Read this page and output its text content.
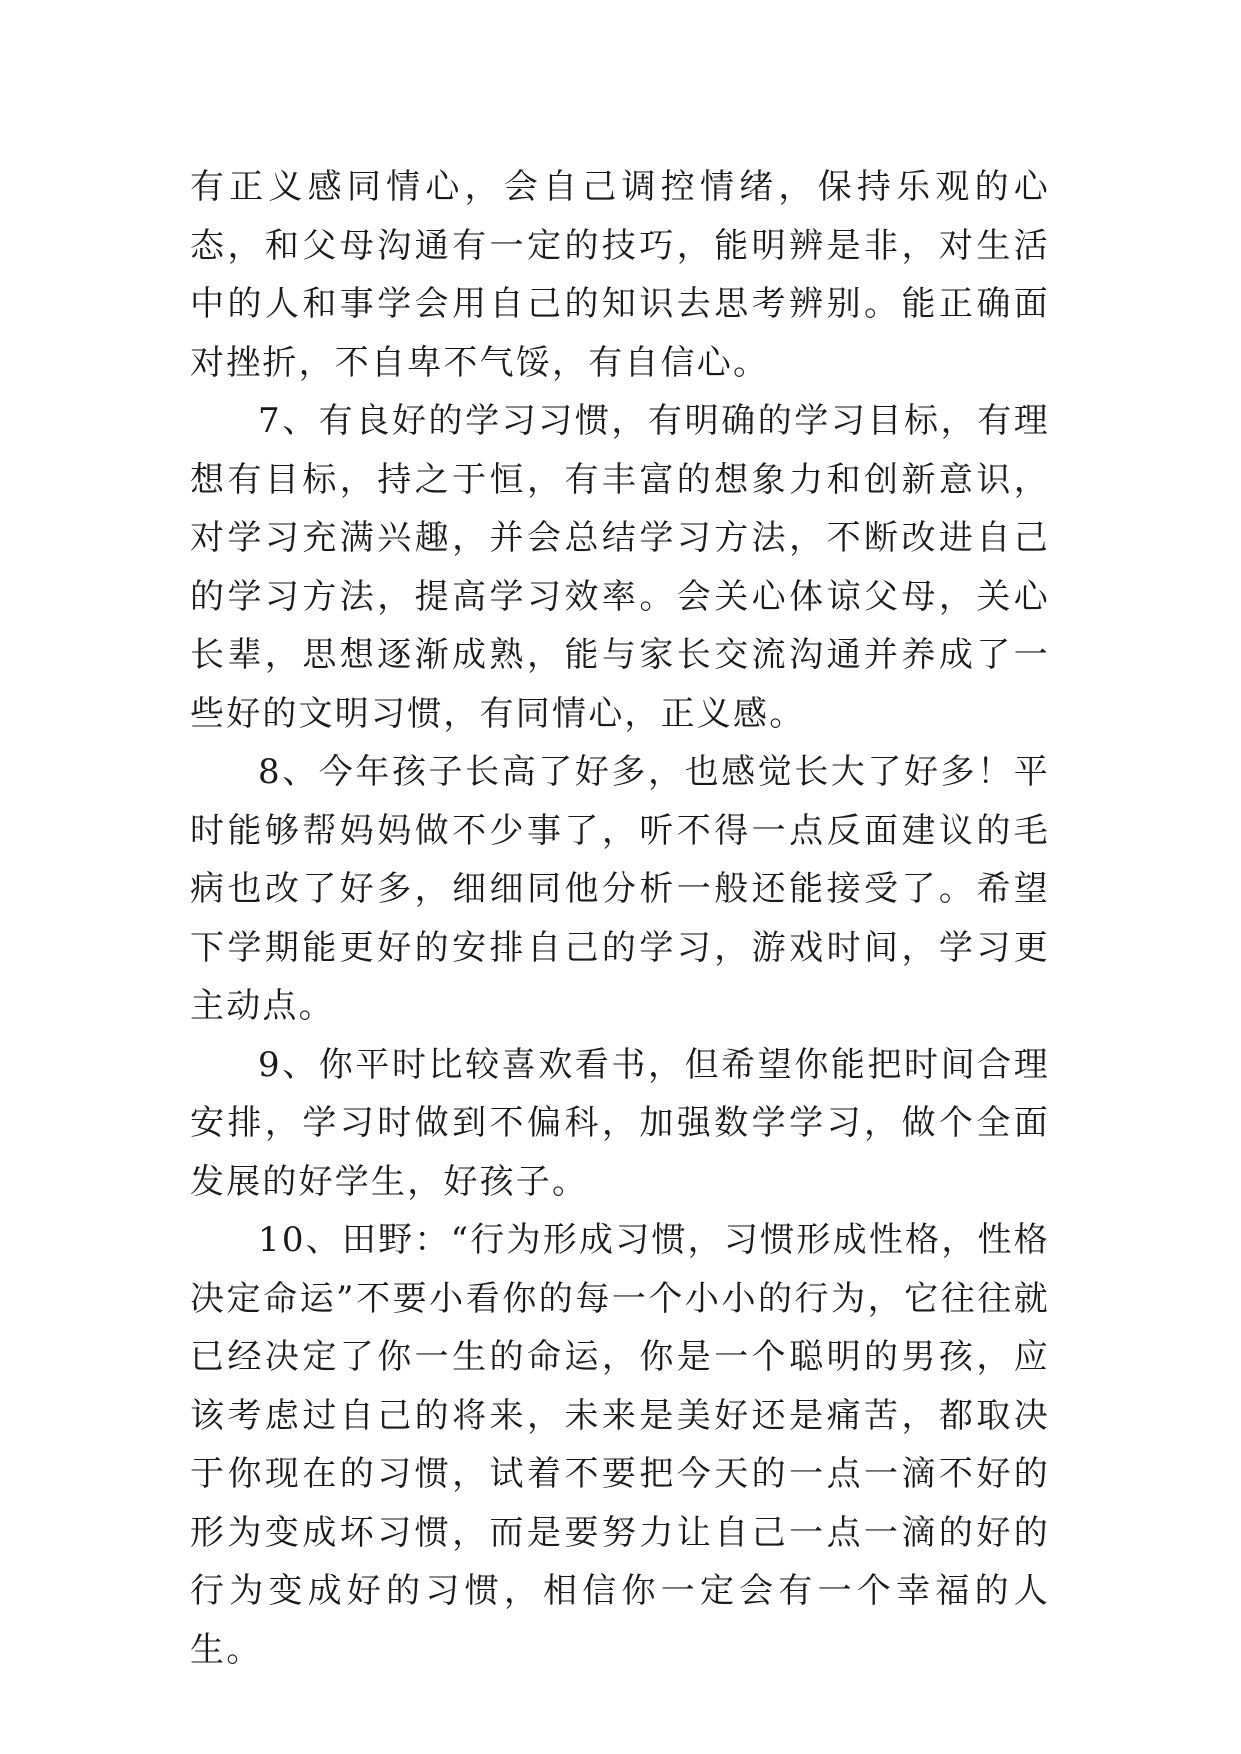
有正义感同情心，会自己调控情绪，保持乐观的心态，和父母沟通有一定的技巧，能明辨是非，对生活中的人和事学会用自己的知识去思考辨别。能正确面对挫折，不自卑不气馁，有自信心。

7、有良好的学习习惯，有明确的学习目标，有理想有目标，持之于恒，有丰富的想象力和创新意识，对学习充满兴趣，并会总结学习方法，不断改进自己的学习方法，提高学习效率。会关心体谅父母，关心长辈，思想逐渐成熟，能与家长交流沟通并养成了一些好的文明习惯，有同情心，正义感。

8、今年孩子长高了好多，也感觉长大了好多！平时能够帮妈妈做不少事了，听不得一点反面建议的毛病也改了好多，细细同他分析一般还能接受了。希望下学期能更好的安排自己的学习，游戏时间，学习更主动点。

9、你平时比较喜欢看书，但希望你能把时间合理安排，学习时做到不偏科，加强数学学习，做个全面发展的好学生，好孩子。

10、田野：“行为形成习惯，习惯形成性格，性格决定命运”不要小看你的每一个小小的行为，它往往就已经决定了你一生的命运，你是一个聪明的男孩，应该考虑过自己的将来，未来是美好还是痛苦，都取决于你现在的习惯，试着不要把今天的一点一滴不好的形为变成坏习惯，而是要努力让自己一点一滴的好的行为变成好的习惯，相信你一定会有一个幸福的人生。
